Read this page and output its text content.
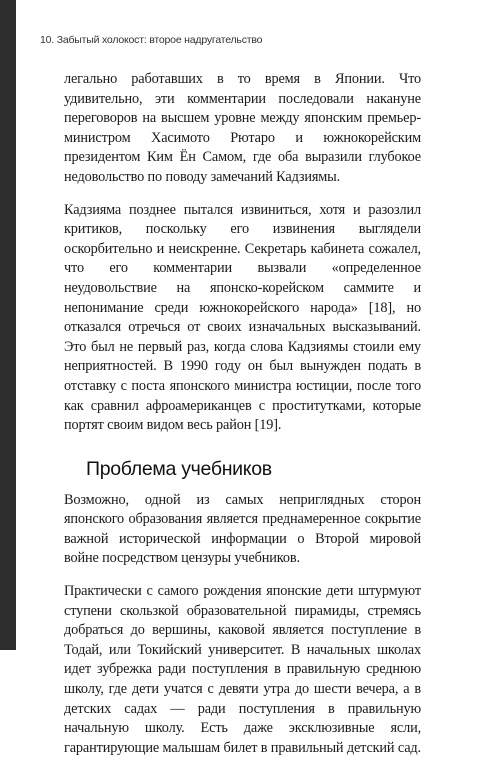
10. Забытый холокост: второе надругательство

легально работавших в то время в Японии. Что удивительно, эти комментарии последовали накануне переговоров на высшем уровне между японским премьер-министром Хасимото Рютаро и южнокорейским президентом Ким Ён Самом, где оба выразили глубокое недовольство по поводу замечаний Кадзиямы.

Кадзияма позднее пытался извиниться, хотя и разозлил критиков, поскольку его извинения выглядели оскорбительно и неискренне. Секретарь кабинета сожалел, что его комментарии вызвали «определенное неудовольствие на японско-корейском саммите и непонимание среди южнокорейского народа» [18], но отказался отречься от своих изначальных высказываний. Это был не первый раз, когда слова Кадзиямы стоили ему неприятностей. В 1990 году он был вынужден подать в отставку с поста японского министра юстиции, после того как сравнил афроамериканцев с проститутками, которые портят своим видом весь район [19].

Проблема учебников

Возможно, одной из самых неприглядных сторон японского образования является преднамеренное сокрытие важной исторической информации о Второй мировой войне посредством цензуры учебников.

Практически с самого рождения японские дети штурмуют ступени скользкой образовательной пирамиды, стремясь добраться до вершины, каковой является поступление в Тодай, или Токийский университет. В начальных школах идет зубрежка ради поступления в правильную среднюю школу, где дети учатся с девяти утра до шести вечера, а в детских садах — ради поступления в правильную начальную школу. Есть даже эксклюзивные ясли, гарантирующие малышам билет в правильный детский сад.
